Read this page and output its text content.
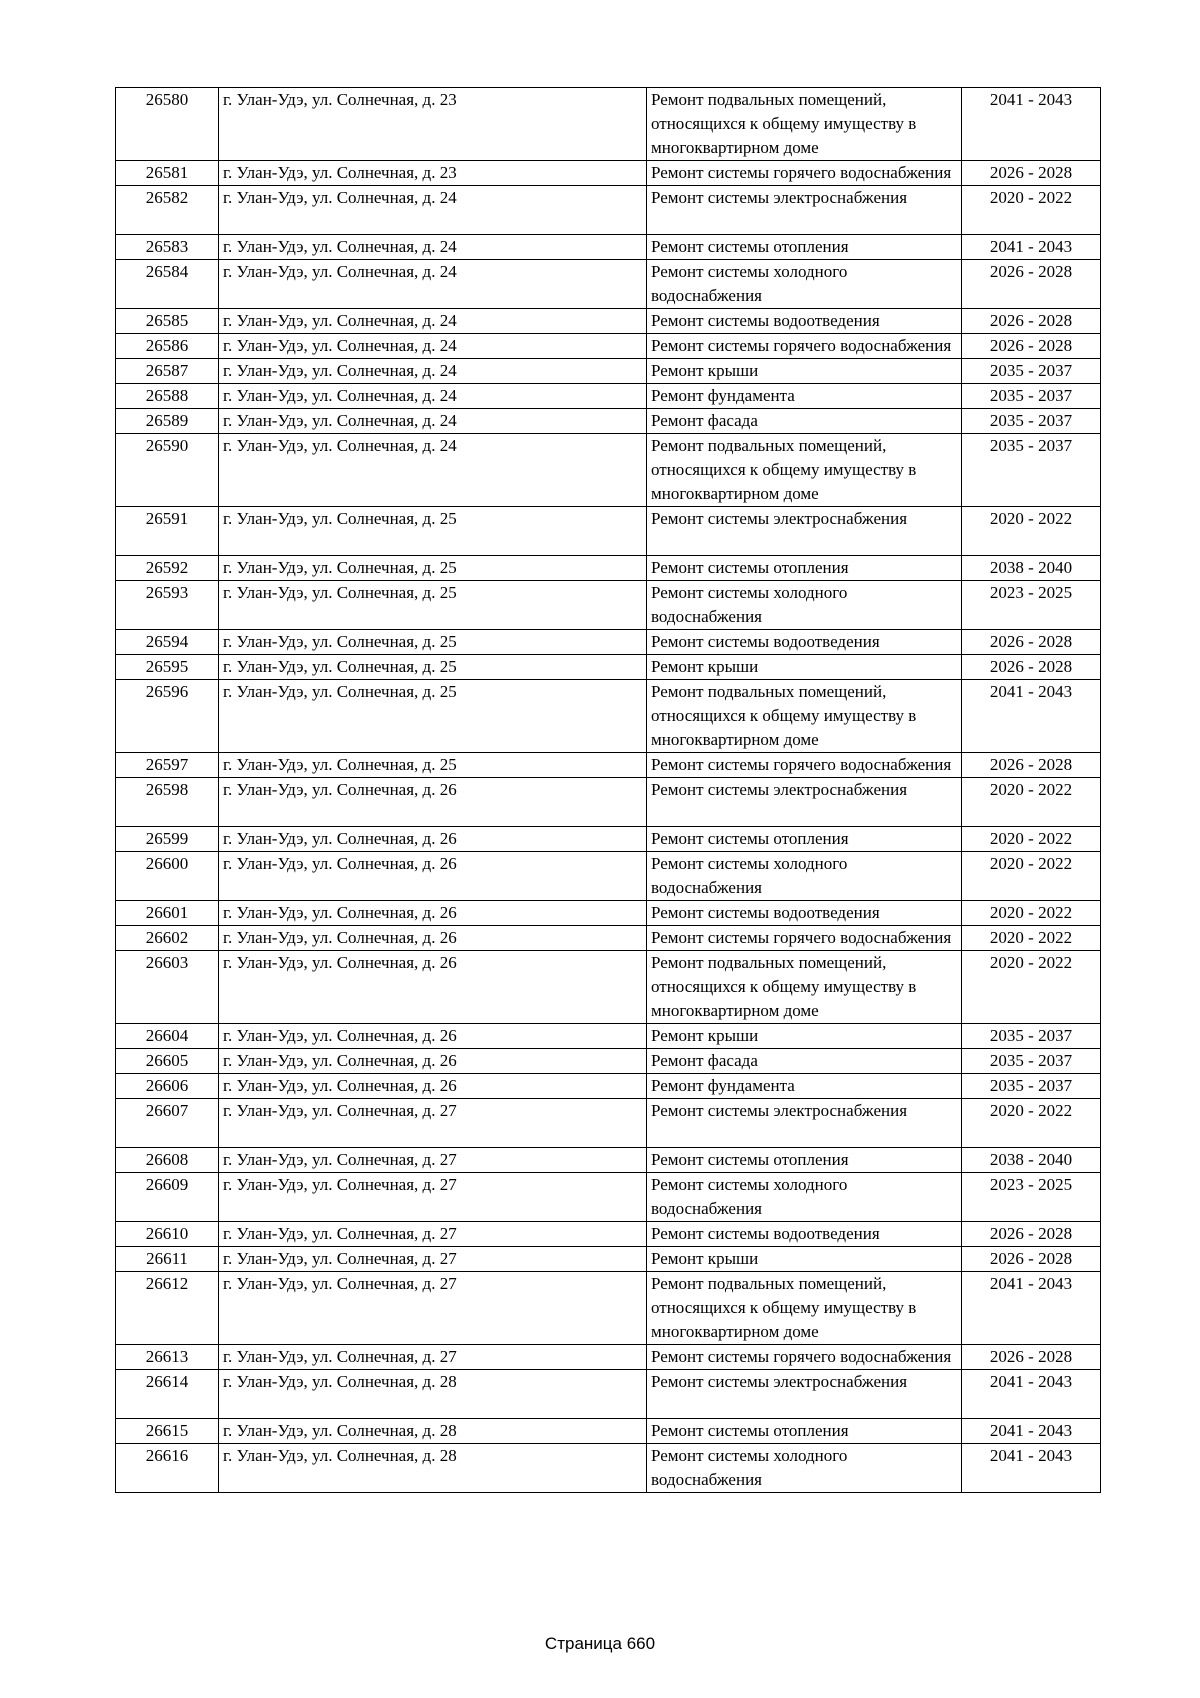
26580	г. Улан-Удэ, ул. Солнечная, д. 23	Ремонт подвальных помещений, относящихся к общему имуществу в многоквартирном доме	2041 - 2043
26581	г. Улан-Удэ, ул. Солнечная, д. 23	Ремонт системы горячего водоснабжения	2026 - 2028
26582	г. Улан-Удэ, ул. Солнечная, д. 24	Ремонт системы электроснабжения	2020 - 2022
26583	г. Улан-Удэ, ул. Солнечная, д. 24	Ремонт системы отопления	2041 - 2043
26584	г. Улан-Удэ, ул. Солнечная, д. 24	Ремонт системы холодного водоснабжения	2026 - 2028
26585	г. Улан-Удэ, ул. Солнечная, д. 24	Ремонт системы водоотведения	2026 - 2028
26586	г. Улан-Удэ, ул. Солнечная, д. 24	Ремонт системы горячего водоснабжения	2026 - 2028
26587	г. Улан-Удэ, ул. Солнечная, д. 24	Ремонт крыши	2035 - 2037
26588	г. Улан-Удэ, ул. Солнечная, д. 24	Ремонт фундамента	2035 - 2037
26589	г. Улан-Удэ, ул. Солнечная, д. 24	Ремонт фасада	2035 - 2037
26590	г. Улан-Удэ, ул. Солнечная, д. 24	Ремонт подвальных помещений, относящихся к общему имуществу в многоквартирном доме	2035 - 2037
26591	г. Улан-Удэ, ул. Солнечная, д. 25	Ремонт системы электроснабжения	2020 - 2022
26592	г. Улан-Удэ, ул. Солнечная, д. 25	Ремонт системы отопления	2038 - 2040
26593	г. Улан-Удэ, ул. Солнечная, д. 25	Ремонт системы холодного водоснабжения	2023 - 2025
26594	г. Улан-Удэ, ул. Солнечная, д. 25	Ремонт системы водоотведения	2026 - 2028
26595	г. Улан-Удэ, ул. Солнечная, д. 25	Ремонт крыши	2026 - 2028
26596	г. Улан-Удэ, ул. Солнечная, д. 25	Ремонт подвальных помещений, относящихся к общему имуществу в многоквартирном доме	2041 - 2043
26597	г. Улан-Удэ, ул. Солнечная, д. 25	Ремонт системы горячего водоснабжения	2026 - 2028
26598	г. Улан-Удэ, ул. Солнечная, д. 26	Ремонт системы электроснабжения	2020 - 2022
26599	г. Улан-Удэ, ул. Солнечная, д. 26	Ремонт системы отопления	2020 - 2022
26600	г. Улан-Удэ, ул. Солнечная, д. 26	Ремонт системы холодного водоснабжения	2020 - 2022
26601	г. Улан-Удэ, ул. Солнечная, д. 26	Ремонт системы водоотведения	2020 - 2022
26602	г. Улан-Удэ, ул. Солнечная, д. 26	Ремонт системы горячего водоснабжения	2020 - 2022
26603	г. Улан-Удэ, ул. Солнечная, д. 26	Ремонт подвальных помещений, относящихся к общему имуществу в многоквартирном доме	2020 - 2022
26604	г. Улан-Удэ, ул. Солнечная, д. 26	Ремонт крыши	2035 - 2037
26605	г. Улан-Удэ, ул. Солнечная, д. 26	Ремонт фасада	2035 - 2037
26606	г. Улан-Удэ, ул. Солнечная, д. 26	Ремонт фундамента	2035 - 2037
26607	г. Улан-Удэ, ул. Солнечная, д. 27	Ремонт системы электроснабжения	2020 - 2022
26608	г. Улан-Удэ, ул. Солнечная, д. 27	Ремонт системы отопления	2038 - 2040
26609	г. Улан-Удэ, ул. Солнечная, д. 27	Ремонт системы холодного водоснабжения	2023 - 2025
26610	г. Улан-Удэ, ул. Солнечная, д. 27	Ремонт системы водоотведения	2026 - 2028
26611	г. Улан-Удэ, ул. Солнечная, д. 27	Ремонт крыши	2026 - 2028
26612	г. Улан-Удэ, ул. Солнечная, д. 27	Ремонт подвальных помещений, относящихся к общему имуществу в многоквартирном доме	2041 - 2043
26613	г. Улан-Удэ, ул. Солнечная, д. 27	Ремонт системы горячего водоснабжения	2026 - 2028
26614	г. Улан-Удэ, ул. Солнечная, д. 28	Ремонт системы электроснабжения	2041 - 2043
26615	г. Улан-Удэ, ул. Солнечная, д. 28	Ремонт системы отопления	2041 - 2043
26616	г. Улан-Удэ, ул. Солнечная, д. 28	Ремонт системы холодного водоснабжения	2041 - 2043
Страница 660
